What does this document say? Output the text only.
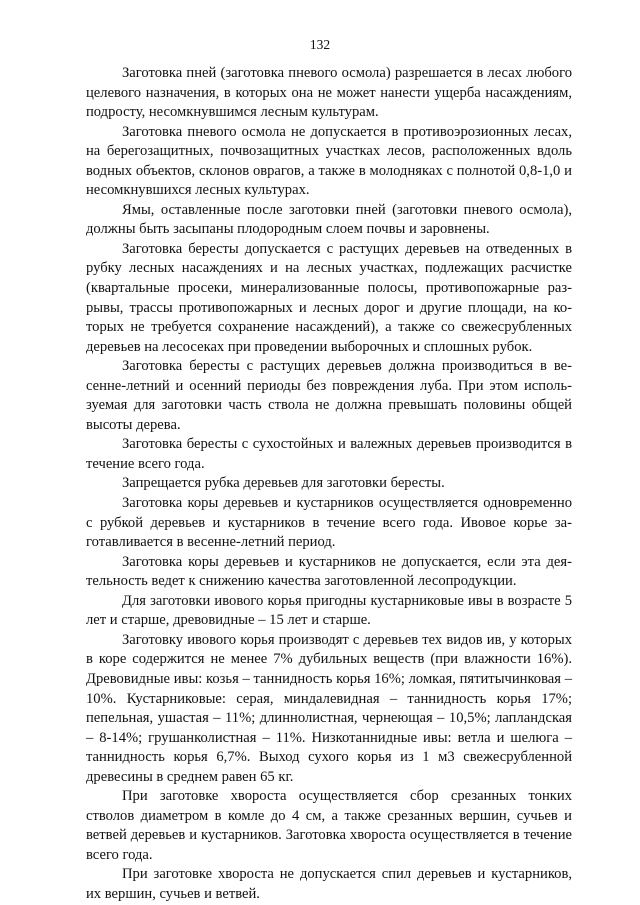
132

Заготовка пней (заготовка пневого осмола) разрешается в лесах любого целевого назначения, в которых она не может нанести ущерба насаждениям, подросту, несомкнувшимся лесным культурам.

Заготовка пневого осмола не допускается в противоэрозионных лесах, на берегозащитных, почвозащитных участках лесов, расположенных вдоль водных объектов, склонов оврагов, а также в молодняках с полнотой 0,8-1,0 и несомкнувшихся лесных культурах.

Ямы, оставленные после заготовки пней (заготовки пневого осмола), должны быть засыпаны плодородным слоем почвы и заровнены.

Заготовка бересты допускается с растущих деревьев на отведенных в рубку лесных насаждениях и на лесных участках, подлежащих расчистке (квартальные просеки, минерализованные полосы, противопожарные разрывы, трассы противопожарных и лесных дорог и другие площади, на которых не требуется сохранение насаждений), а также со свежесрубленных деревьев на лесосеках при проведении выборочных и сплошных рубок.

Заготовка бересты с растущих деревьев должна производиться в весенне-летний и осенний периоды без повреждения луба. При этом используемая для заготовки часть ствола не должна превышать половины общей высоты дерева.

Заготовка бересты с сухостойных и валежных деревьев производится в течение всего года.

Запрещается рубка деревьев для заготовки бересты.

Заготовка коры деревьев и кустарников осуществляется одновременно с рубкой деревьев и кустарников в течение всего года. Ивовое корье заготавливается в весенне-летний период.

Заготовка коры деревьев и кустарников не допускается, если эта деятельность ведет к снижению качества заготовленной лесопродукции.

Для заготовки ивового корья пригодны кустарниковые ивы в возрасте 5 лет и старше, древовидные – 15 лет и старше.

Заготовку ивового корья производят с деревьев тех видов ив, у которых в коре содержится не менее 7% дубильных веществ (при влажности 16%). Древовидные ивы: козья – таннидность корья 16%; ломкая, пятитычинковая – 10%. Кустарниковые: серая, миндалевидная – таннидность корья 17%; пепельная, ушастая – 11%; длиннолистная, чернеющая – 10,5%; лапландская – 8-14%; грушанколистная – 11%. Низкотаннидные ивы: ветла и шелюга – таннидность корья 6,7%. Выход сухого корья из 1 м3 свежесрубленной древесины в среднем равен 65 кг.

При заготовке хвороста осуществляется сбор срезанных тонких стволов диаметром в комле до 4 см, а также срезанных вершин, сучьев и ветвей деревьев и кустарников. Заготовка хвороста осуществляется в течение всего года.

При заготовке хвороста не допускается спил деревьев и кустарников, их вершин, сучьев и ветвей.
